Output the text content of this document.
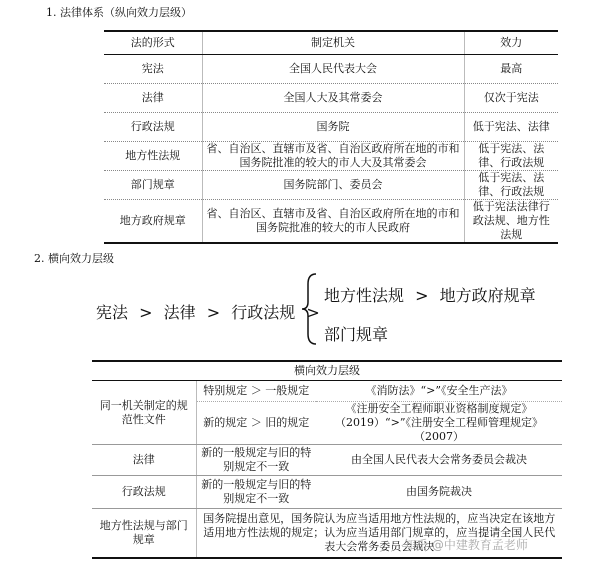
1. 法律体系（纵向效力层级）
法的形式	制定机关	效力
宪法	全国人民代表大会	最高
法律	全国人大及其常委会	仅次于宪法
行政法规	国务院	低于宪法、法律
地方性法规	省、自治区、直辖市及省、自治区政府所在地的市和国务院批准的较大的市人大及其常委会	低于宪法、法律、行政法规
部门规章	国务院部门、委员会	低于宪法、法律、行政法规
地方政府规章	省、自治区、直辖市及省、自治区政府所在地的市和国务院批准的较大的市人民政府	低于宪法法律行政法规、地方性法规
2. 横向效力层级
宪法 > 法律 > 行政法规 >
地方性法规 > 地方政府规章
部门规章
横向效力层级		
同一机关制定的规范性文件	特别规定 ＞ 一般规定	《消防法》“>”《安全生产法》
	新的规定 ＞ 旧的规定	《注册安全工程师职业资格制度规定》（2019）“>”《注册安全工程师管理规定》（2007）
法律	新的一般规定与旧的特别规定不一致	由全国人民代表大会常务委员会裁决
行政法规	新的一般规定与旧的特别规定不一致	由国务院裁决
地方性法规与部门规章	国务院提出意见，国务院认为应当适用地方性法规的，应当决定在该地方适用地方性法规的规定；认为应当适用部门规章的，应当提请全国人民代表大会常务委员会裁决	
知乎 @中建教育孟老师
